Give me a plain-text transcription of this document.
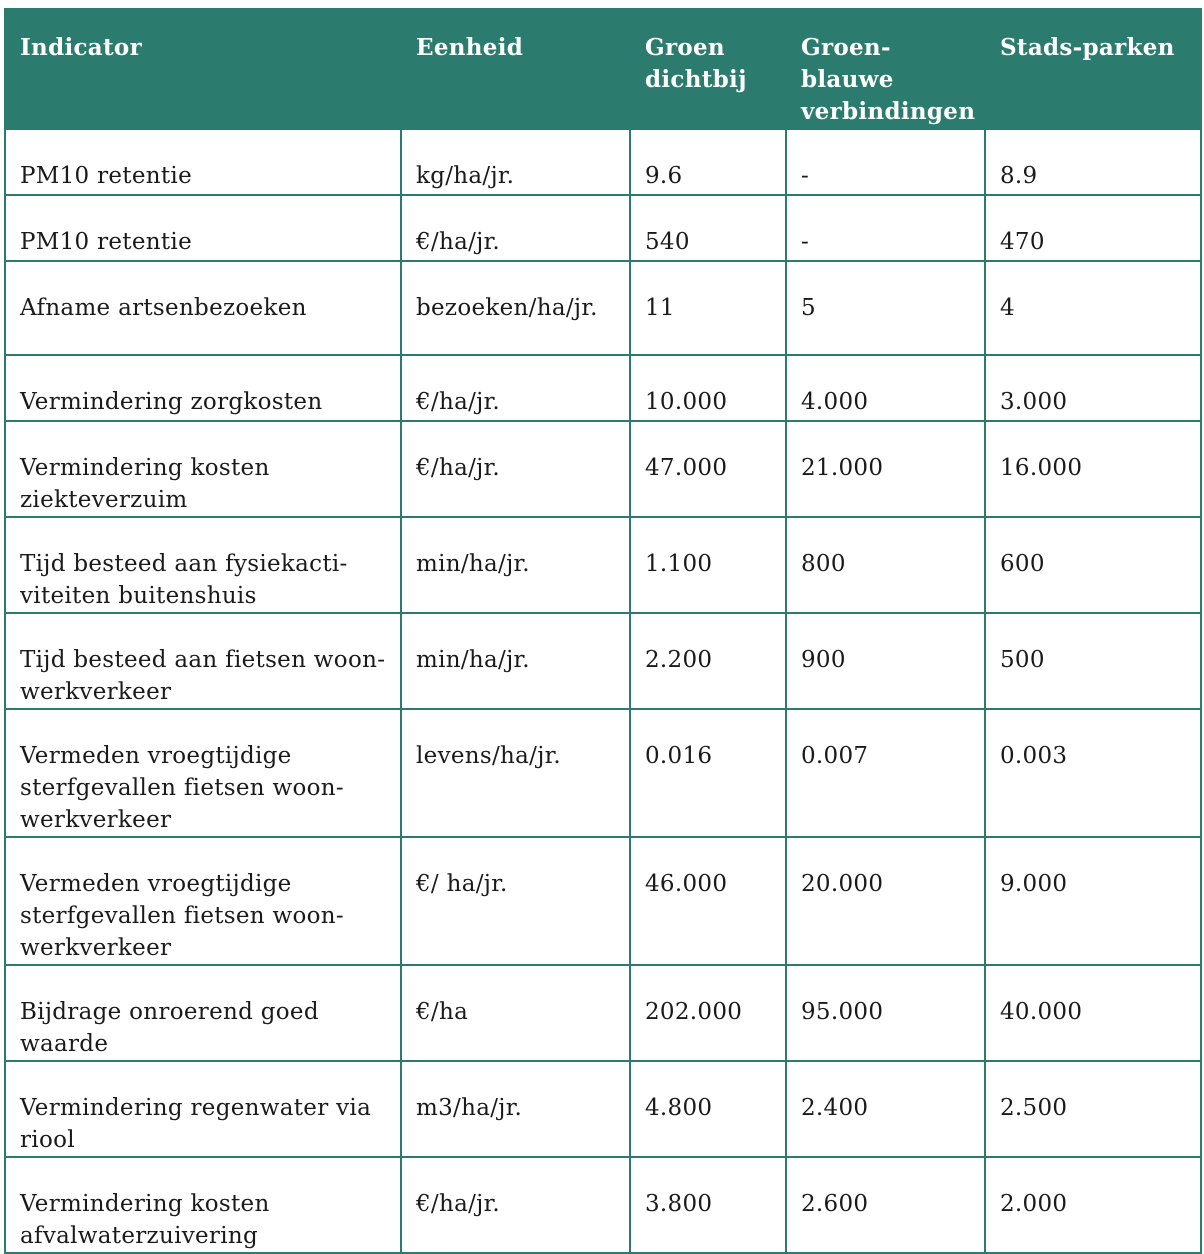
Indicator	Eenheid	Groen dichtbij	Groen-blauwe verbindingen	Stads-parken
PM10 retentie	kg/ha/jr.	9.6	-	8.9
PM10 retentie	€/ha/jr.	540	-	470
Afname artsenbezoeken	bezoeken/ha/jr.	11	5	4
Vermindering zorgkosten	€/ha/jr.	10.000	4.000	3.000
Vermindering kosten ziekteverzuim	€/ha/jr.	47.000	21.000	16.000
Tijd besteed aan fysiekacti-viteiten buitenshuis	min/ha/jr.	1.100	800	600
Tijd besteed aan fietsen woon-werkverkeer	min/ha/jr.	2.200	900	500
Vermeden vroegtijdige sterfgevallen fietsen woon-werkverkeer	levens/ha/jr.	0.016	0.007	0.003
Vermeden vroegtijdige sterfgevallen fietsen woon-werkverkeer	€/ ha/jr.	46.000	20.000	9.000
Bijdrage onroerend goed waarde	€/ha	202.000	95.000	40.000
Vermindering regenwater via riool	m3/ha/jr.	4.800	2.400	2.500
Vermindering kosten afvalwaterzuivering	€/ha/jr.	3.800	2.600	2.000
